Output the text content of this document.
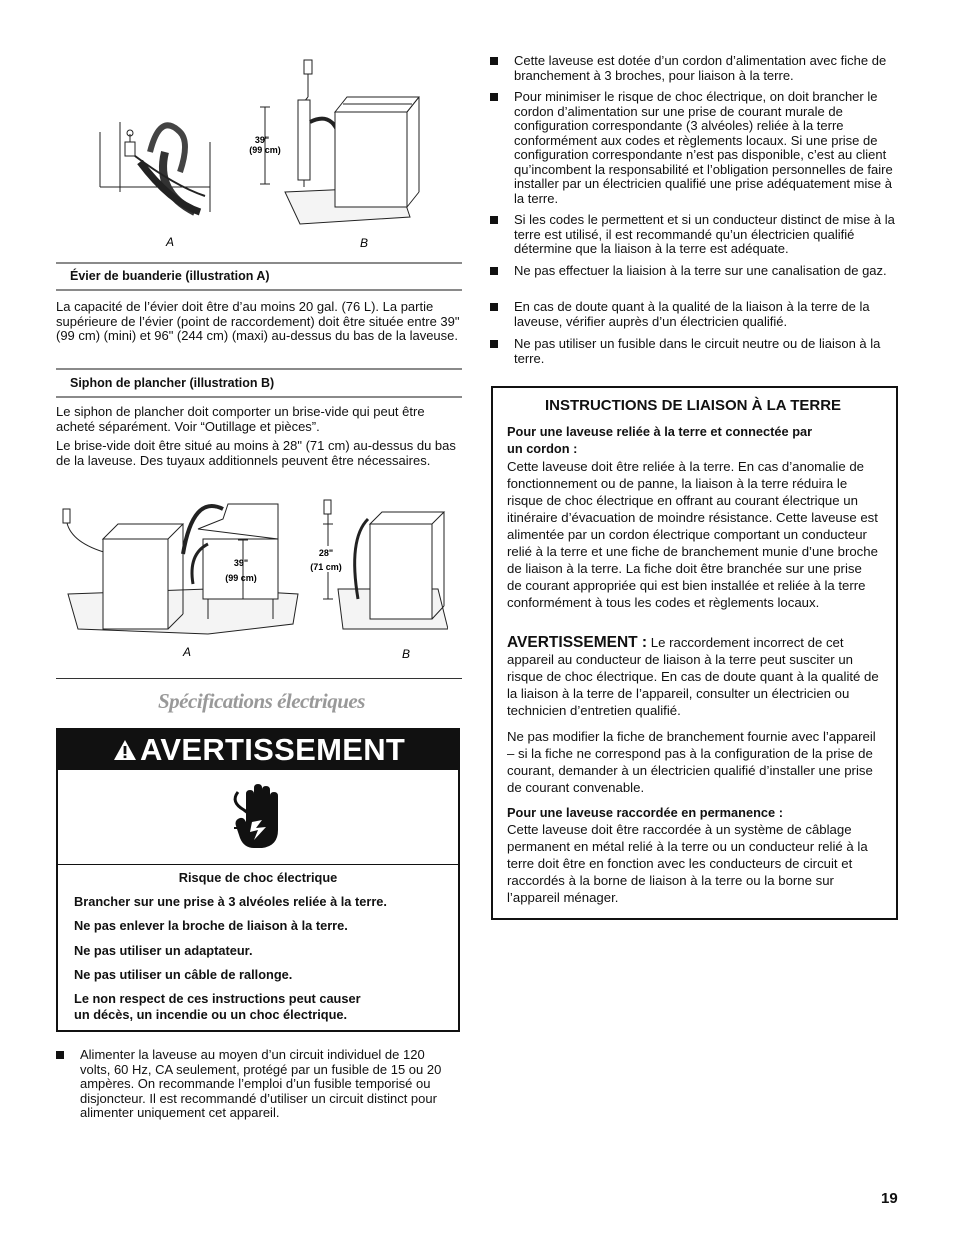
39"
(99 cm)
A	B
Évier de buanderie (illustration A)

La capacité de l’évier doit être d’au moins 20 gal. (76 L). La partie supérieure de l’évier (point de raccordement) doit être située entre 39" (99 cm) (mini) et 96" (244 cm) (maxi) au-dessus du bas de la laveuse.

Siphon de plancher (illustration B)

Le siphon de plancher doit comporter un brise-vide qui peut être acheté séparément. Voir “Outillage et pièces”.

Le brise-vide doit être situé au moins à 28" (71 cm) au-dessus du bas de la laveuse. Des tuyaux additionnels peuvent être nécessaires.

39"
(99 cm)
28"
(71 cm)
A	B
Spécifications électriques
AVERTISSEMENT
Risque de choc électrique
Brancher sur une prise à 3 alvéoles reliée à la terre.
Ne pas enlever la broche de liaison à la terre.
Ne pas utiliser un adaptateur.
Ne pas utiliser un câble de rallonge.
Le non respect de ces instructions peut causer
un décès, un incendie ou un choc électrique.
Alimenter la laveuse au moyen d’un circuit individuel de 120 volts, 60 Hz, CA seulement, protégé par un fusible de 15 ou 20 ampères. On recommande l’emploi d’un fusible temporisé ou disjoncteur. Il est recommandé d’utiliser un circuit distinct pour alimenter uniquement cet appareil.
Cette laveuse est dotée d’un cordon d’alimentation avec fiche de branchement à 3 broches, pour liaison à la terre.
Pour minimiser le risque de choc électrique, on doit brancher le cordon d’alimentation sur une prise de courant murale de configuration correspondante (3 alvéoles) reliée à la terre conformément aux codes et règlements locaux. Si une prise de configuration correspondante n’est pas disponible, c’est au client qu’incombent la responsabilité et l’obligation personnelles de faire installer par un électricien qualifié une prise adéquatement mise à la terre.
Si les codes le permettent et si un conducteur distinct de mise à la terre est utilisé, il est recommandé qu’un électricien qualifié détermine que la liaison à la terre est adéquate.
Ne pas effectuer la liaision à la terre sur une canalisation de gaz.
En cas de doute quant à la qualité de la liaison à la terre de la laveuse, vérifier auprès d’un électricien qualifié.
Ne pas utiliser un fusible dans le circuit neutre ou de liaison à la terre.
INSTRUCTIONS DE LIAISON À LA TERRE
Pour une laveuse reliée à la terre et connectée par
un cordon :
Cette laveuse doit être reliée à la terre. En cas d’anomalie de fonctionnement ou de panne, la liaison à la terre réduira le risque de choc électrique en offrant au courant électrique un itinéraire d’évacuation de moindre résistance. Cette laveuse est alimentée par un cordon électrique comportant un conducteur relié à la terre et une fiche de branchement munie d’une broche de liaison à la terre. La fiche doit être branchée sur une prise de courant appropriée qui est bien installée et reliée à la terre conformément à tous les codes et règlements locaux.
AVERTISSEMENT : Le raccordement incorrect de cet appareil au conducteur de liaison à la terre peut susciter un risque de choc électrique. En cas de doute quant à la qualité de la liaison à la terre de l’appareil, consulter un électricien ou technicien d’entretien qualifié.
Ne pas modifier la fiche de branchement fournie avec l’appareil – si la fiche ne correspond pas à la configuration de la prise de courant, demander à un électricien qualifié d’installer une prise de courant convenable.
Pour une laveuse raccordée en permanence :
Cette laveuse doit être raccordée à un système de câblage permanent en métal relié à la terre ou un conducteur relié à la terre doit être en fonction avec les conducteurs de circuit et raccordés à la borne de liaison à la terre ou la borne sur l’appareil ménager.
19
